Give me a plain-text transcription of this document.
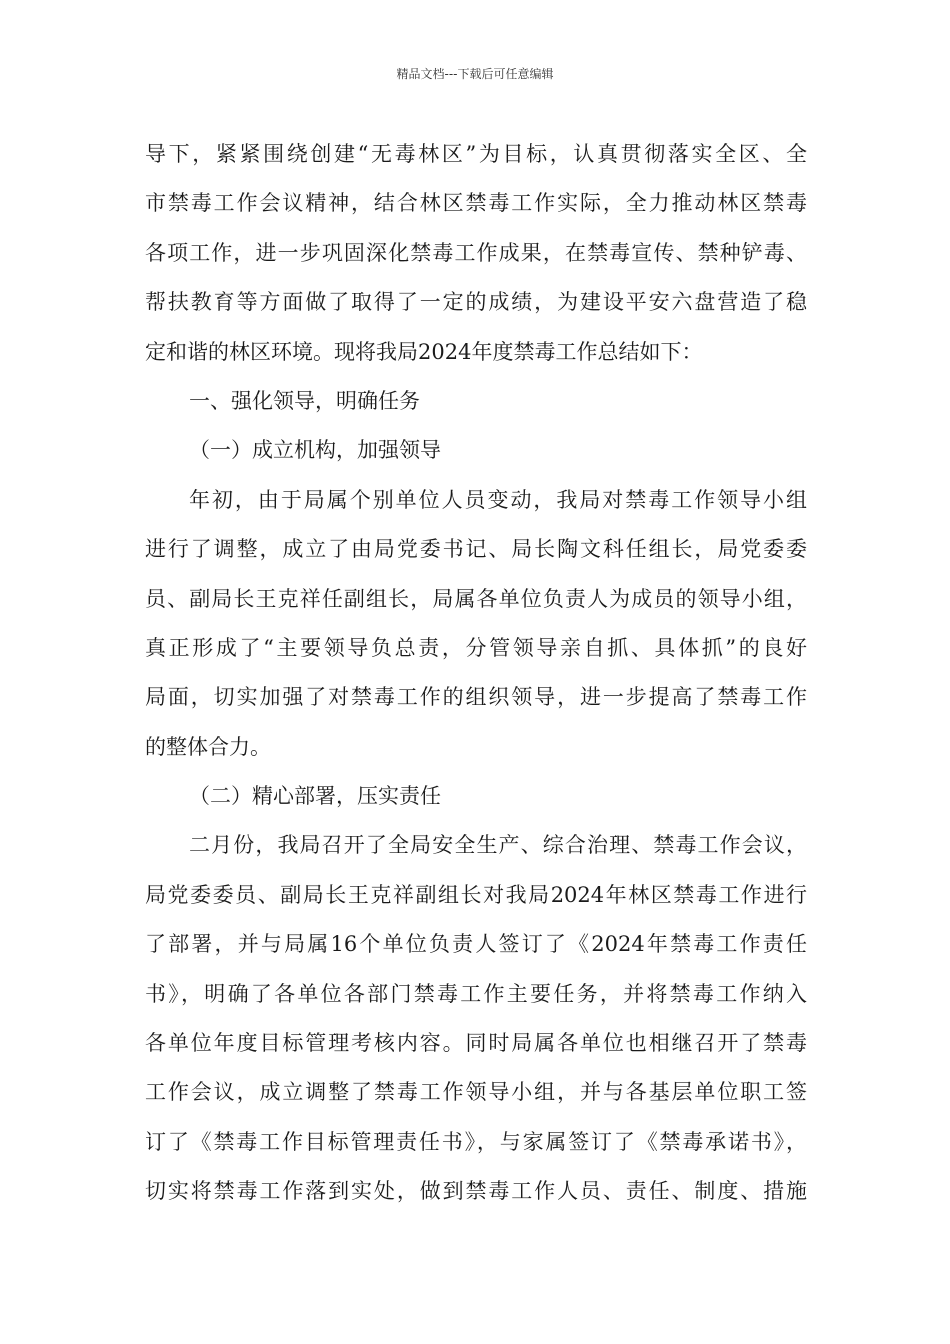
精品文档---下载后可任意编辑
导下，紧紧围绕创建“无毒林区”为目标，认真贯彻落实全区、全
市禁毒工作会议精神，结合林区禁毒工作实际，全力推动林区禁毒
各项工作，进一步巩固深化禁毒工作成果，在禁毒宣传、禁种铲毒、
帮扶教育等方面做了取得了一定的成绩，为建设平安六盘营造了稳
定和谐的林区环境。现将我局2024年度禁毒工作总结如下：
一、强化领导，明确任务
（一）成立机构，加强领导
年初，由于局属个别单位人员变动，我局对禁毒工作领导小组
进行了调整，成立了由局党委书记、局长陶文科任组长，局党委委
员、副局长王克祥任副组长，局属各单位负责人为成员的领导小组，
真正形成了“主要领导负总责，分管领导亲自抓、具体抓”的良好
局面，切实加强了对禁毒工作的组织领导，进一步提高了禁毒工作
的整体合力。
（二）精心部署，压实责任
二月份，我局召开了全局安全生产、综合治理、禁毒工作会议，
局党委委员、副局长王克祥副组长对我局2024年林区禁毒工作进行
了部署，并与局属16个单位负责人签订了《2024年禁毒工作责任
书》，明确了各单位各部门禁毒工作主要任务，并将禁毒工作纳入
各单位年度目标管理考核内容。同时局属各单位也相继召开了禁毒
工作会议，成立调整了禁毒工作领导小组，并与各基层单位职工签
订了《禁毒工作目标管理责任书》，与家属签订了《禁毒承诺书》，
切实将禁毒工作落到实处，做到禁毒工作人员、责任、制度、措施
